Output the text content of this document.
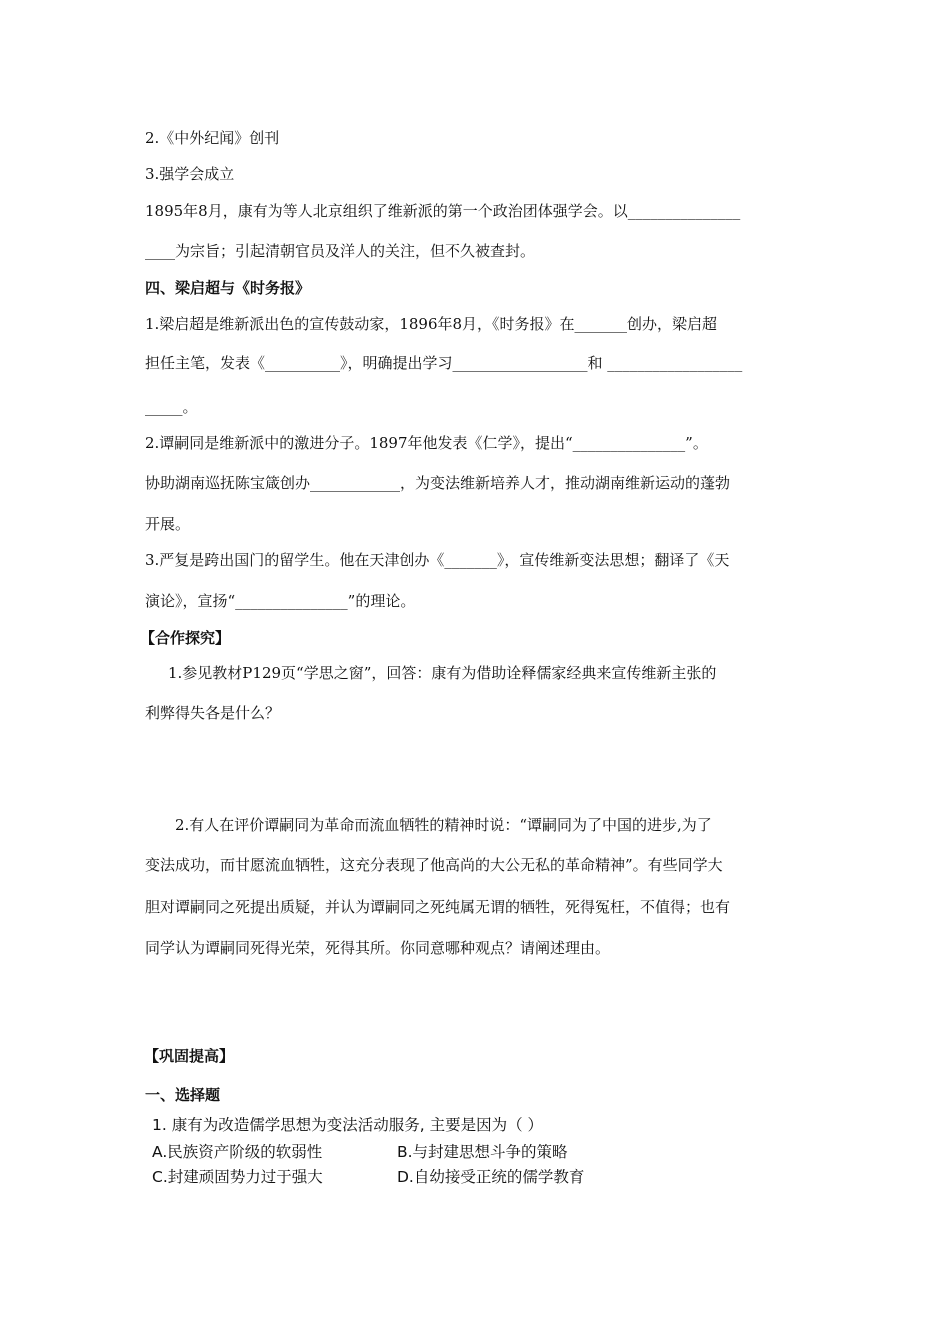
2.《中外纪闻》创刊
3.强学会成立
1895年8月，康有为等人北京组织了维新派的第一个政治团体强学会。以_______________
____为宗旨；引起清朝官员及洋人的关注，但不久被查封。
四、梁启超与《时务报》
1.梁启超是维新派出色的宣传鼓动家，1896年8月，《时务报》在_______创办，梁启超
担任主笔，发表《__________》，明确提出学习__________________和 __________________
_____。
2.谭嗣同是维新派中的激进分子。1897年他发表《仁学》，提出“_______________”。
协助湖南巡抚陈宝箴创办____________，为变法维新培养人才，推动湖南维新运动的蓬勃
开展。
3.严复是跨出国门的留学生。他在天津创办《_______》，宣传维新变法思想；翻译了《天
演论》，宣扬“_______________”的理论。
【合作探究】
1.参见教材P129页“学思之窗”，回答：康有为借助诠释儒家经典来宣传维新主张的
利弊得失各是什么？
2.有人在评价谭嗣同为革命而流血牺牲的精神时说：“谭嗣同为了中国的进步,为了
变法成功，而甘愿流血牺牲，这充分表现了他高尚的大公无私的革命精神”。有些同学大
胆对谭嗣同之死提出质疑，并认为谭嗣同之死纯属无谓的牺牲，死得冤枉，不值得；也有
同学认为谭嗣同死得光荣，死得其所。你同意哪种观点？请阐述理由。
【巩固提高】
一、选择题
1. 康有为改造儒学思想为变法活动服务, 主要是因为（ ）
A.民族资产阶级的软弱性	B.与封建思想斗争的策略
C.封建顽固势力过于强大	D.自幼接受正统的儒学教育
